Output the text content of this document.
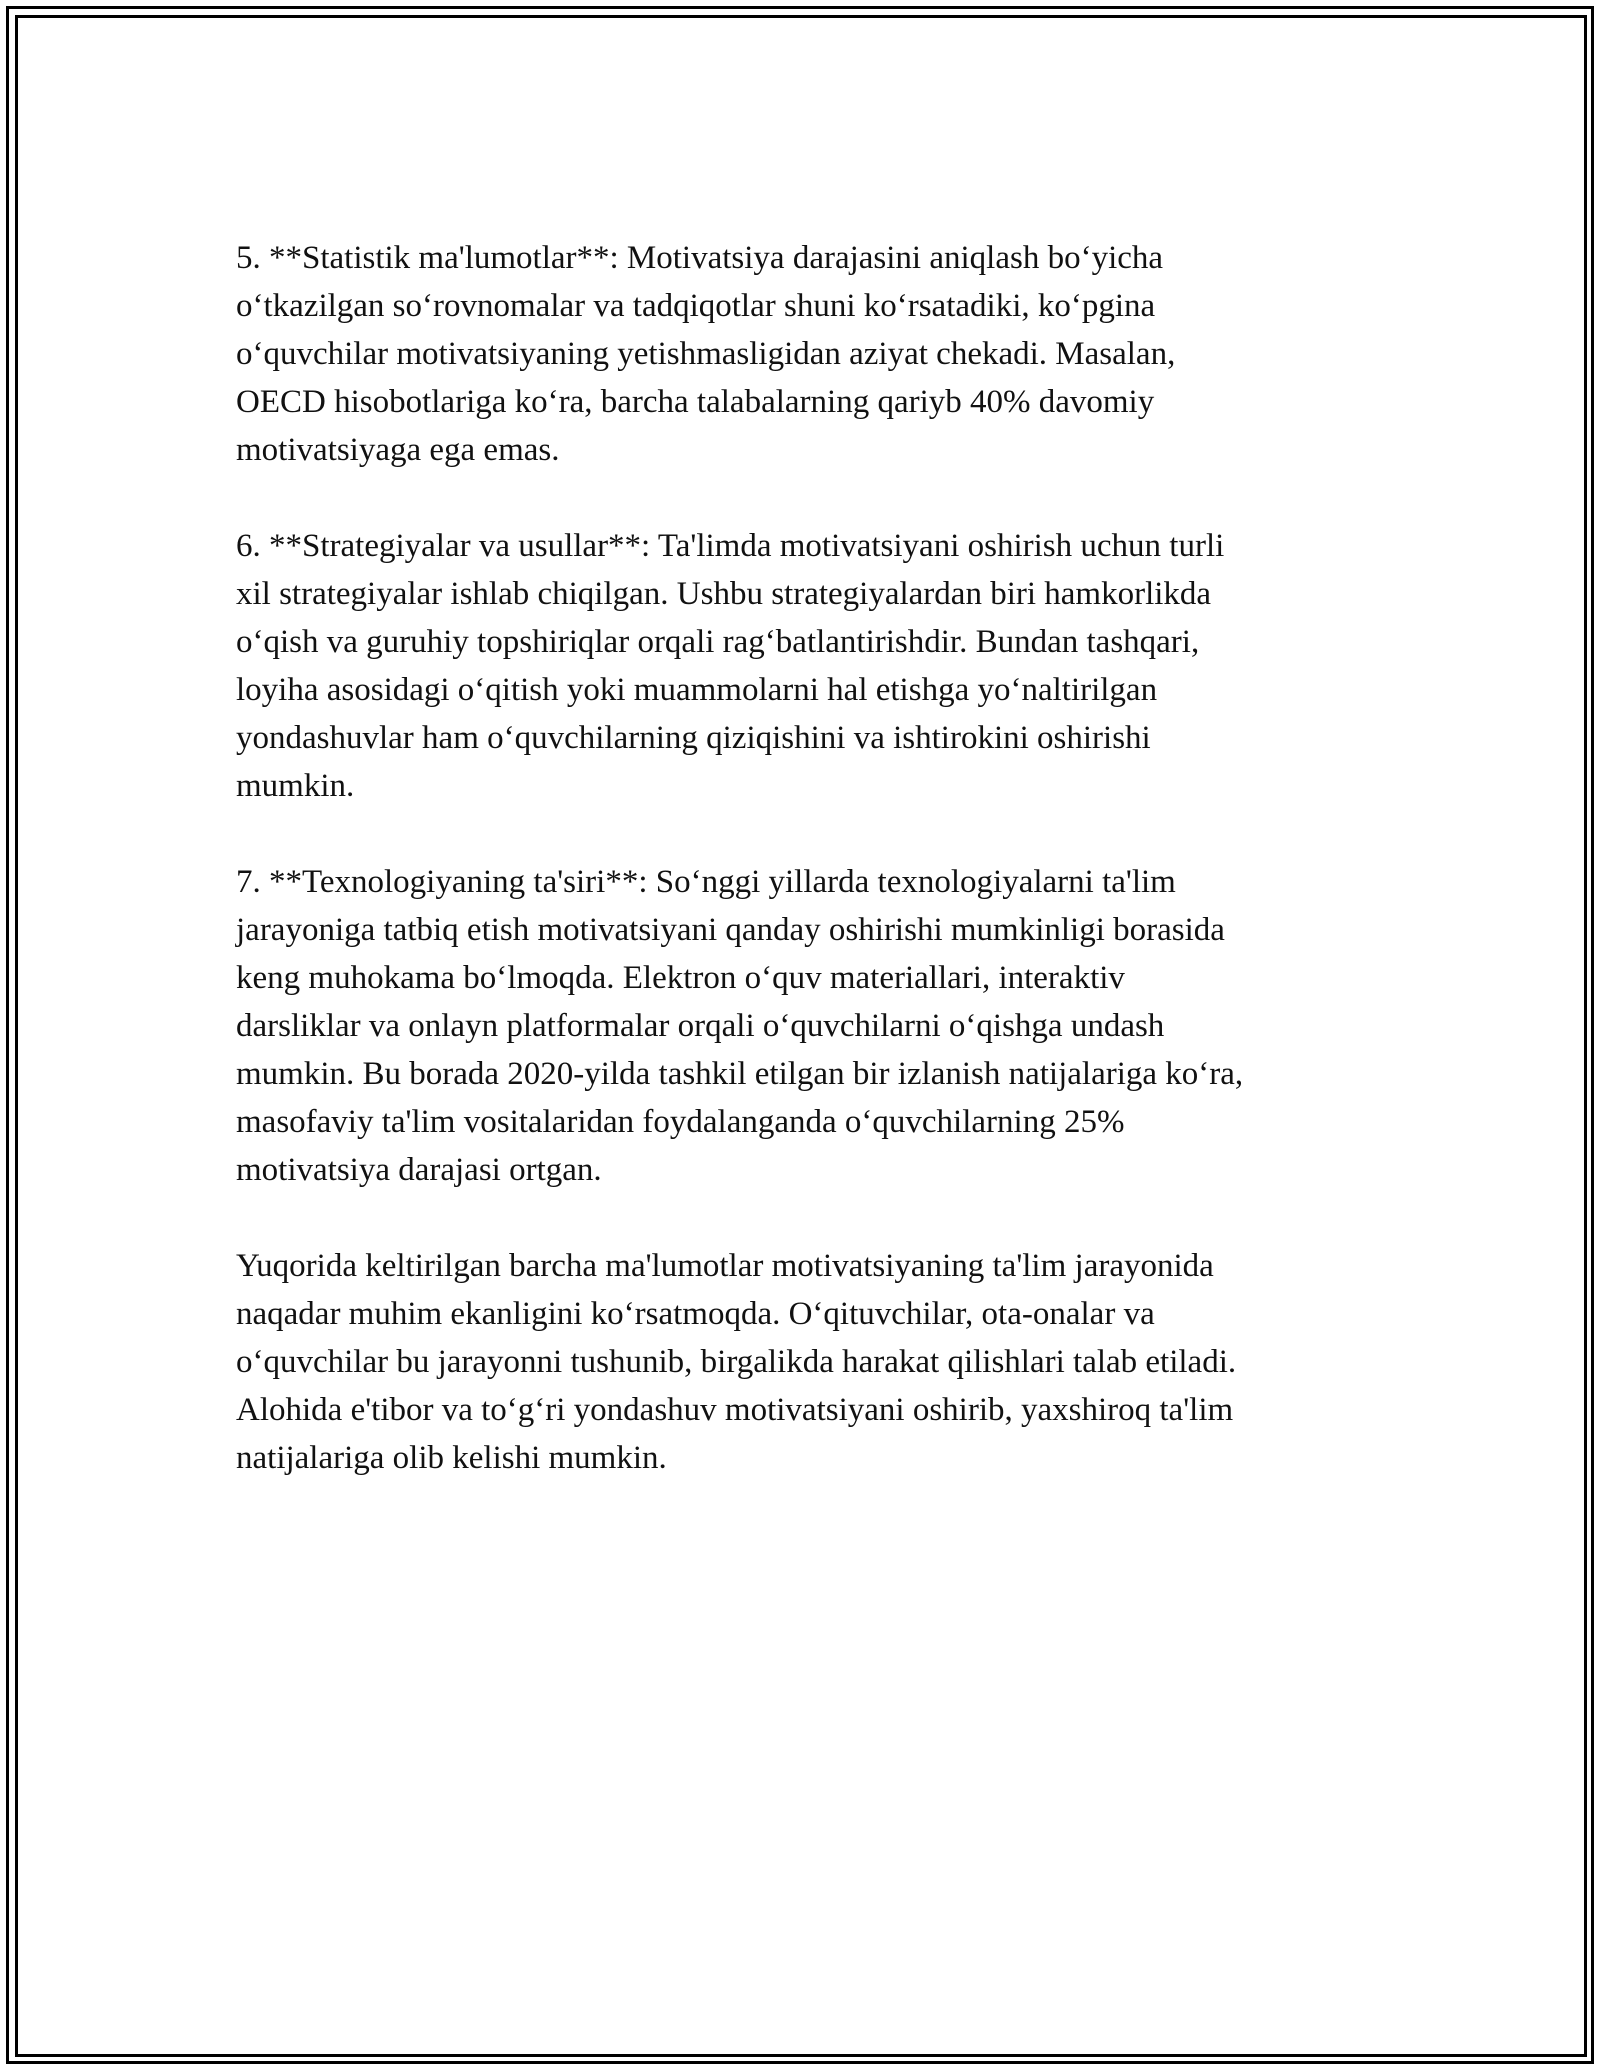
5. **Statistik ma'lumotlar**: Motivatsiya darajasini aniqlash bo‘yicha
o‘tkazilgan so‘rovnomalar va tadqiqotlar shuni ko‘rsatadiki, ko‘pgina
o‘quvchilar motivatsiyaning yetishmasligidan aziyat chekadi. Masalan,
OECD hisobotlariga ko‘ra, barcha talabalarning qariyb 40% davomiy
motivatsiyaga ega emas.

6. **Strategiyalar va usullar**: Ta'limda motivatsiyani oshirish uchun turli
xil strategiyalar ishlab chiqilgan. Ushbu strategiyalardan biri hamkorlikda
o‘qish va guruhiy topshiriqlar orqali rag‘batlantirishdir. Bundan tashqari,
loyiha asosidagi o‘qitish yoki muammolarni hal etishga yo‘naltirilgan
yondashuvlar ham o‘quvchilarning qiziqishini va ishtirokini oshirishi
mumkin.

7. **Texnologiyaning ta'siri**: So‘nggi yillarda texnologiyalarni ta'lim
jarayoniga tatbiq etish motivatsiyani qanday oshirishi mumkinligi borasida
keng muhokama bo‘lmoqda. Elektron o‘quv materiallari, interaktiv
darsliklar va onlayn platformalar orqali o‘quvchilarni o‘qishga undash
mumkin. Bu borada 2020-yilda tashkil etilgan bir izlanish natijalariga ko‘ra,
masofaviy ta'lim vositalaridan foydalanganda o‘quvchilarning 25%
motivatsiya darajasi ortgan.

Yuqorida keltirilgan barcha ma'lumotlar motivatsiyaning ta'lim jarayonida
naqadar muhim ekanligini ko‘rsatmoqda. O‘qituvchilar, ota-onalar va
o‘quvchilar bu jarayonni tushunib, birgalikda harakat qilishlari talab etiladi.
Alohida e'tibor va to‘g‘ri yondashuv motivatsiyani oshirib, yaxshiroq ta'lim
natijalariga olib kelishi mumkin.
